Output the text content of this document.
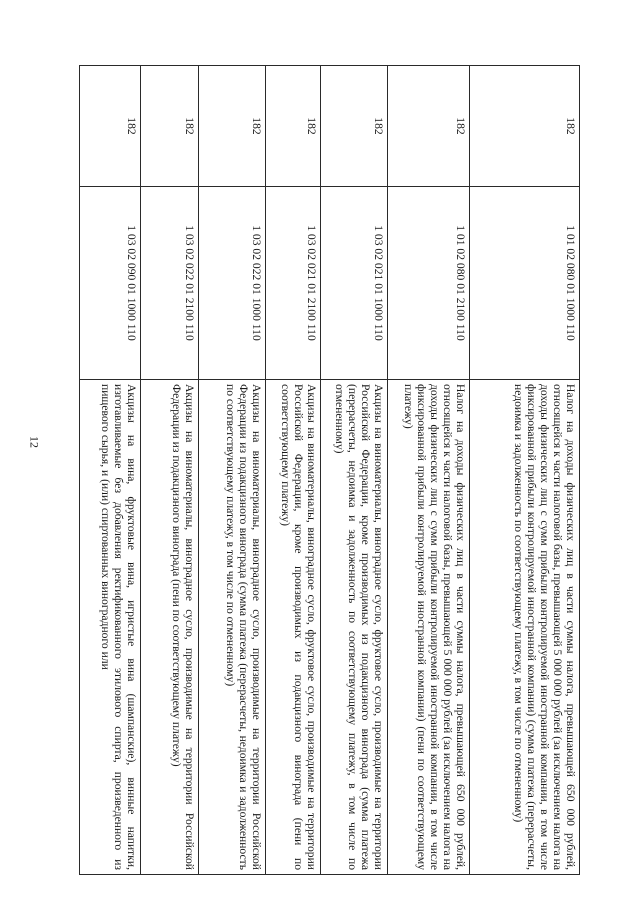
12
182	1 01 02 080 01 1000 110	Налог на доходы физических лиц в части суммы налога, превышающей 650 000 рублей, относящейся к части налоговой базы, превышающей 5 000 000 рублей (за исключением налога на доходы физических лиц с сумм прибыли контролируемой иностранной компании, в том числе фиксированной прибыли контролируемой иностранной компании) (сумма платежа (перерасчеты, недоимка и задолженность по соответствующему платежу, в том числе по отмененному)
182	1 01 02 080 01 2100 110	Налог на доходы физических лиц в части суммы налога, превышающей 650 000 рублей, относящейся к части налоговой базы, превышающей 5 000 000 рублей (за исключением налога на доходы физических лиц с сумм прибыли контролируемой иностранной компании, в том числе фиксированной прибыли контролируемой иностранной компании) (пени по соответствующему платежу)
182	1 03 02 021 01 1000 110	Акцизы на виноматериалы, виноградное сусло, фруктовое сусло, производимые на территории Российской Федерации, кроме производимых из подакцизного винограда (сумма платежа (перерасчеты, недоимка и задолженность по соответствующему платежу, в том числе по отмененному)
182	1 03 02 021 01 2100 110	Акцизы на виноматериалы, виноградное сусло, фруктовое сусло, производимые на территории Российской Федерации, кроме производимых из подакцизного винограда (пени по соответствующему платежу)
182	1 03 02 022 01 1000 110	Акцизы на виноматериалы, виноградное сусло, производимые на территории Российской Федерации из подакцизного винограда (сумма платежа (перерасчеты, недоимка и задолженность по соответствующему платежу, в том числе по отмененному)
182	1 03 02 022 01 2100 110	Акцизы на виноматериалы, виноградное сусло, производимые на территории Российской Федерации из подакцизного винограда (пени по соответствующему платежу)
182	1 03 02 090 01 1000 110	Акцизы на вина, фруктовые вина, игристые вина (шампанские), винные напитки, изготавливаемые без добавления ректификованного этилового спирта, произведенного из пищевого сырья, и (или) спиртованных виноградного или
